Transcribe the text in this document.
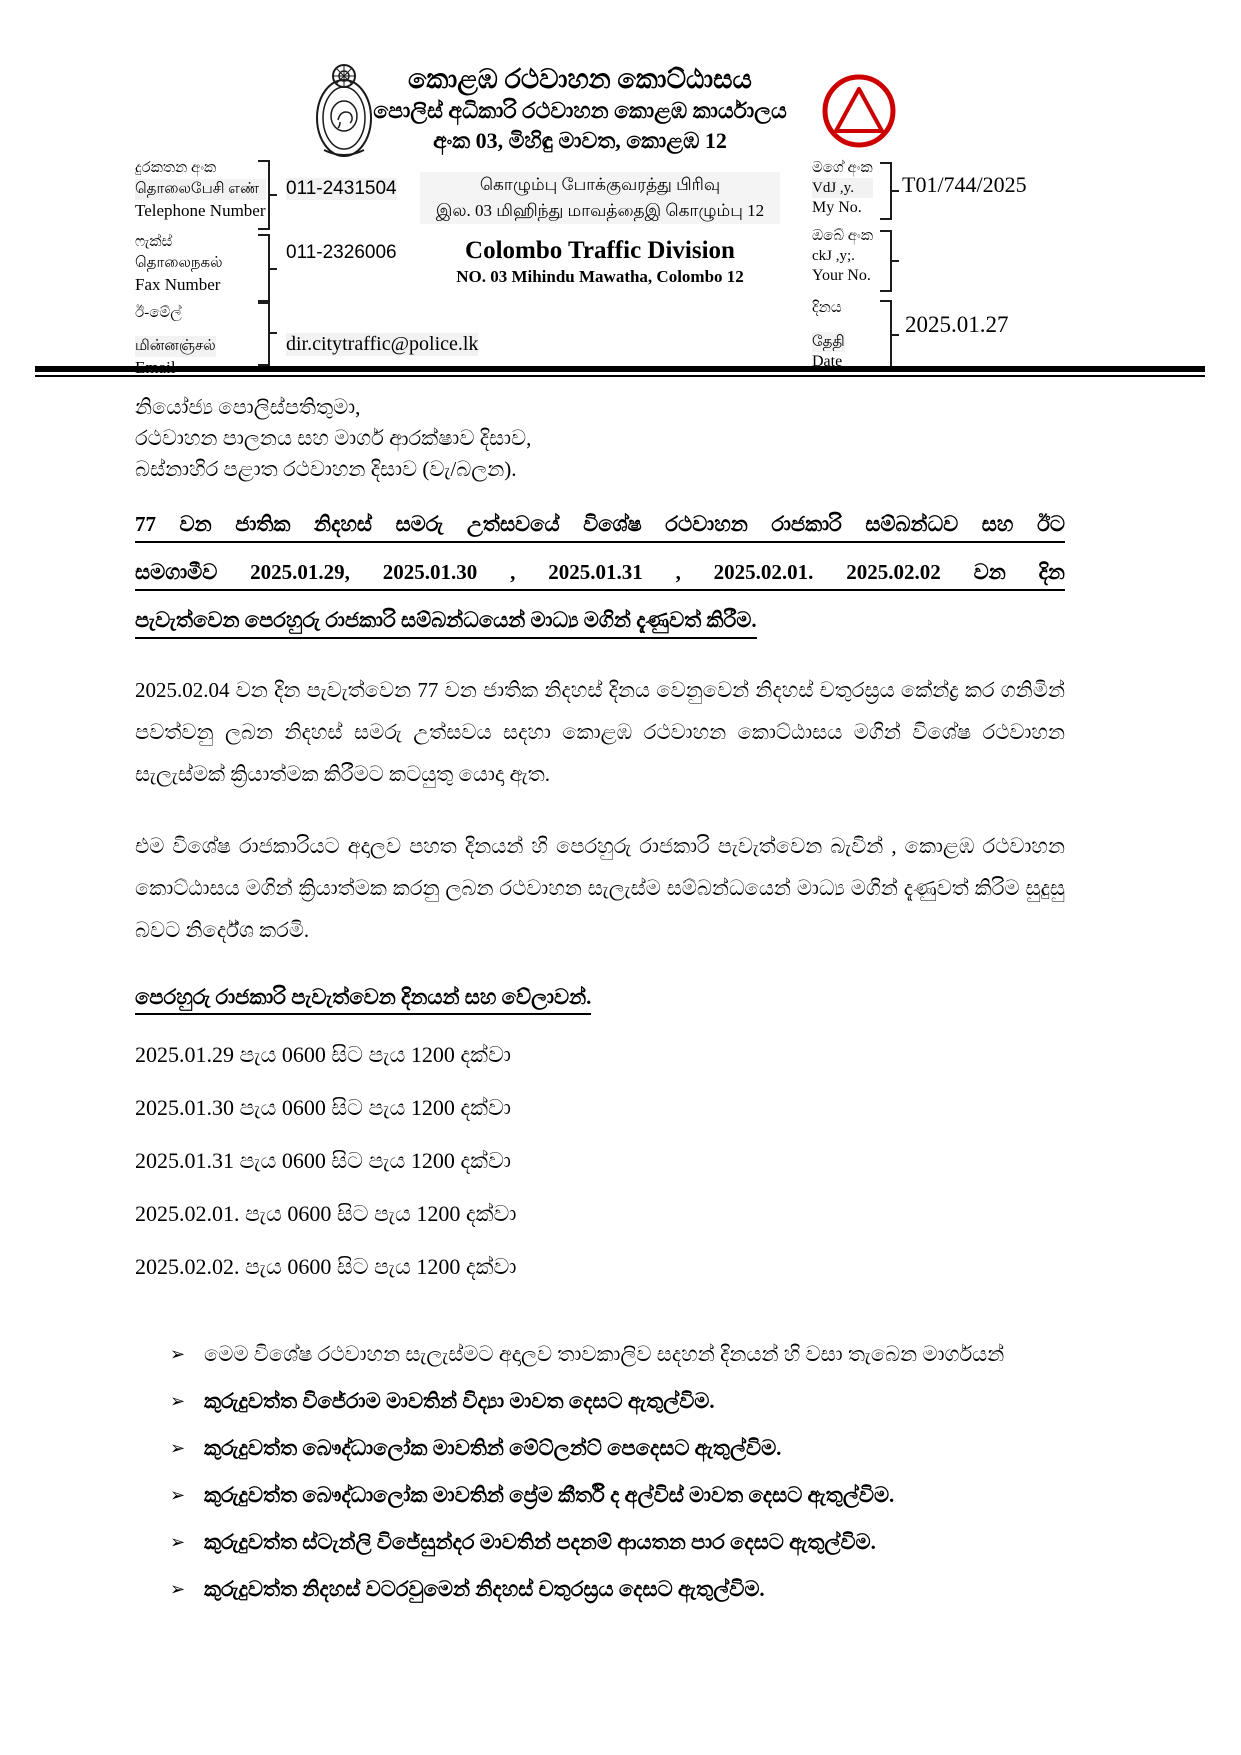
කොළඹ රථවාහන කොට්ඨාසය
පොලිස් අධිකාරි රථවාහන කොළඹ කාර්යාලය
අංක 03, මිහිඳු මාවත, කොළඹ 12
දුරකතන අංක
தொலைபேசி எண்
Telephone Number
011-2431504
ෆැක්ස්
தொலைநகல்
Fax Number
011-2326006
ඊ-මේල්
மின்னஞ்சல்
Email
dir.citytraffic@police.lk
கொழும்பு போக்குவரத்து பிரிவு
இல. 03 மிஹிந்து மாவத்தைஇ கொழும்பு 12
Colombo Traffic Division
NO. 03 Mihindu Mawatha, Colombo 12
මගේ අංක
VdJ ,y.
My No.
T01/744/2025
ඔබේ අංක
ckJ ,y;.
Your No.
දිනය
தேதி
Date
2025.01.27
නියෝජ්‍ය පොලිස්පතිතුමා,
රථවාහන පාලනය සහ මාර්ග ආරක්ෂාව දිසාව,
බස්නාහිර පළාත රථවාහන දිසාව (වැ/බලන).
77 වන ජාතික නිදහස් සමරු උත්සවයේ විශේෂ රථවාහන රාජකාරි සම්බන්ධව සහ ඊට
සමගාමීව 2025.01.29, 2025.01.30 , 2025.01.31 , 2025.02.01. 2025.02.02 වන දින
පැවැත්වෙන පෙරහුරු රාජකාරි සම්බන්ධයෙන් මාධ්‍ය මගින් දැණුවත් කිරීම.
2025.02.04 වන දින පැවැත්වෙන 77 වන ජාතික නිදහස් දිනය වෙනුවෙන් නිදහස් චතුරස්‍රය කේන්ද්‍ර කර ගනිමින් පවත්වනු ලබන නිදහස් සමරු උත්සවය සදහා කොළඹ රථවාහන කොට්ඨාසය මගින් විශේෂ රථවාහන සැලැස්මක් ක්‍රියාත්මක කිරීමට කටයුතු යොදා ඇත.
එම විශේෂ රාජකාරියට අදාලව පහත දිනයන් හි පෙරහුරු රාජකාරි පැවැත්වෙන බැවින් , කොළඹ රථවාහන කොට්ඨාසය මගින් ක්‍රියාත්මක කරනු ලබන රථවාහන සැලැස්ම සම්බන්ධයෙන් මාධ්‍ය මගින් දැණුවත් කිරිම සුදුසු බවට නිර්දේශ කරමි.
පෙරහුරු රාජකාරි පැවැත්වෙන දිනයන් සහ වේලාවන්.
2025.01.29 පැය 0600 සිට පැය 1200 දක්වා
2025.01.30 පැය 0600 සිට පැය 1200 දක්වා
2025.01.31 පැය 0600 සිට පැය 1200 දක්වා
2025.02.01. පැය 0600 සිට පැය 1200 දක්වා
2025.02.02. පැය 0600 සිට පැය 1200 දක්වා
➢ මෙම විශේෂ රථවාහන සැලැස්මට අදාලව තාවකාලිව සදහන් දිනයන් හි වසා තැබෙන මාර්ගයන්
➢ කුරුදුවත්ත විජේරාම මාවතින් විද්‍යා මාවත දෙසට ඇතුල්විම.
➢ කුරුදුවත්ත බෞද්ධාලෝක මාවතින් මේට්ලන්ට් පෙදෙසට ඇතුල්විම.
➢ කුරුදුවත්ත බෞද්ධාලෝක මාවතින් ප්‍රේම කීර්ති ද අල්විස් මාවත දෙසට ඇතුල්විම.
➢ කුරුදුවත්ත ස්ටැන්ලි විජේසුන්දර මාවතින් පදනම් ආයතන පාර දෙසට ඇතුල්විම.
➢ කුරුදුවත්ත නිදහස් වටරවුමෙන් නිදහස් චතුරස්‍රය දෙසට ඇතුල්විම.
